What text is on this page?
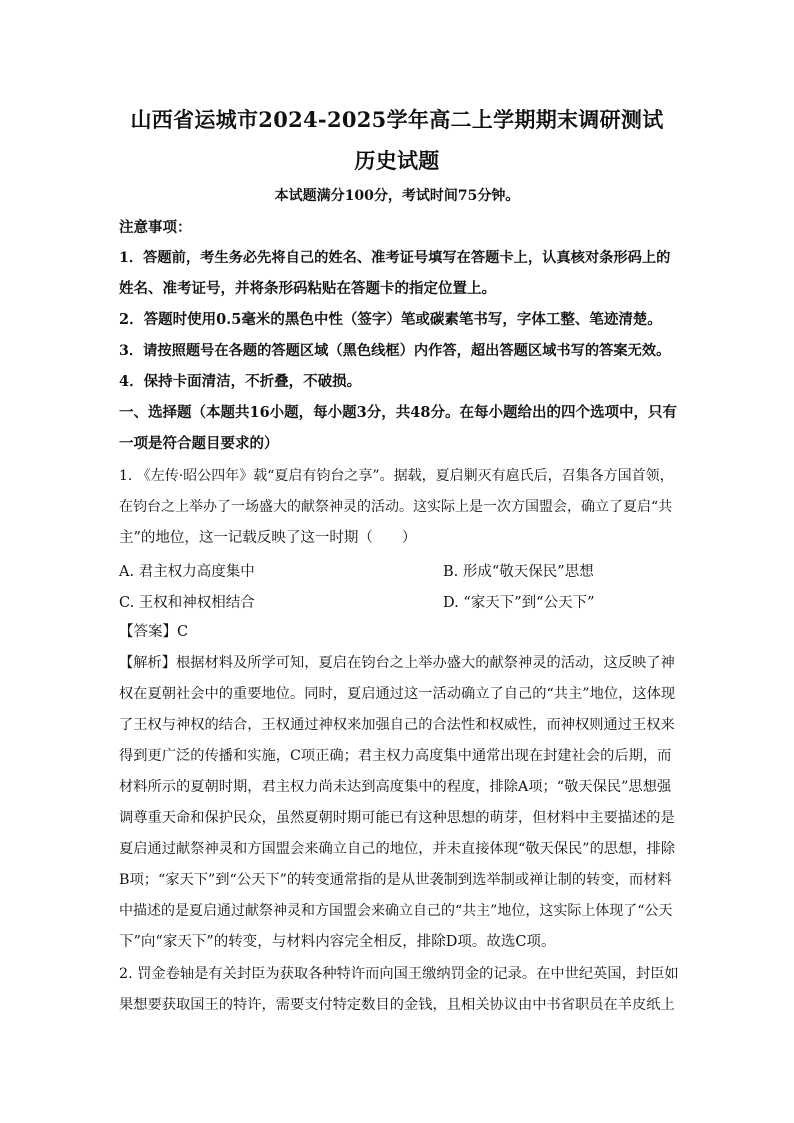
山西省运城市2024-2025学年高二上学期期末调研测试
历史试题
本试题满分100分，考试时间75分钟。
注意事项：
1．答题前，考生务必先将自己的姓名、准考证号填写在答题卡上，认真核对条形码上的
姓名、准考证号，并将条形码粘贴在答题卡的指定位置上。
2．答题时使用0.5毫米的黑色中性（签字）笔或碳素笔书写，字体工整、笔迹清楚。
3．请按照题号在各题的答题区域（黑色线框）内作答，超出答题区域书写的答案无效。
4．保持卡面清洁，不折叠，不破损。
一、选择题（本题共16小题，每小题3分，共48分。在每小题给出的四个选项中，只有
一项是符合题目要求的）
1. 《左传·昭公四年》载“夏启有钧台之享”。据载，夏启剿灭有扈氏后，召集各方国首领，
在钧台之上举办了一场盛大的献祭神灵的活动。这实际上是一次方国盟会，确立了夏启“共
主”的地位，这一记载反映了这一时期（　　）
A. 君主权力高度集中	B. 形成“敬天保民”思想
C. 王权和神权相结合	D. “家天下”到“公天下”
【答案】C
【解析】根据材料及所学可知，夏启在钧台之上举办盛大的献祭神灵的活动，这反映了神
权在夏朝社会中的重要地位。同时，夏启通过这一活动确立了自己的“共主”地位，这体现
了王权与神权的结合，王权通过神权来加强自己的合法性和权威性，而神权则通过王权来
得到更广泛的传播和实施，C项正确；君主权力高度集中通常出现在封建社会的后期，而
材料所示的夏朝时期，君主权力尚未达到高度集中的程度，排除A项；“敬天保民”思想强
调尊重天命和保护民众，虽然夏朝时期可能已有这种思想的萌芽，但材料中主要描述的是
夏启通过献祭神灵和方国盟会来确立自己的地位，并未直接体现“敬天保民”的思想，排除
B项；“家天下”到“公天下”的转变通常指的是从世袭制到选举制或禅让制的转变，而材料
中描述的是夏启通过献祭神灵和方国盟会来确立自己的“共主”地位，这实际上体现了“公天
下”向“家天下”的转变，与材料内容完全相反，排除D项。故选C项。
2. 罚金卷轴是有关封臣为获取各种特许而向国王缴纳罚金的记录。在中世纪英国，封臣如
果想要获取国王的特许，需要支付特定数目的金钱，且相关协议由中书省职员在羊皮纸上
